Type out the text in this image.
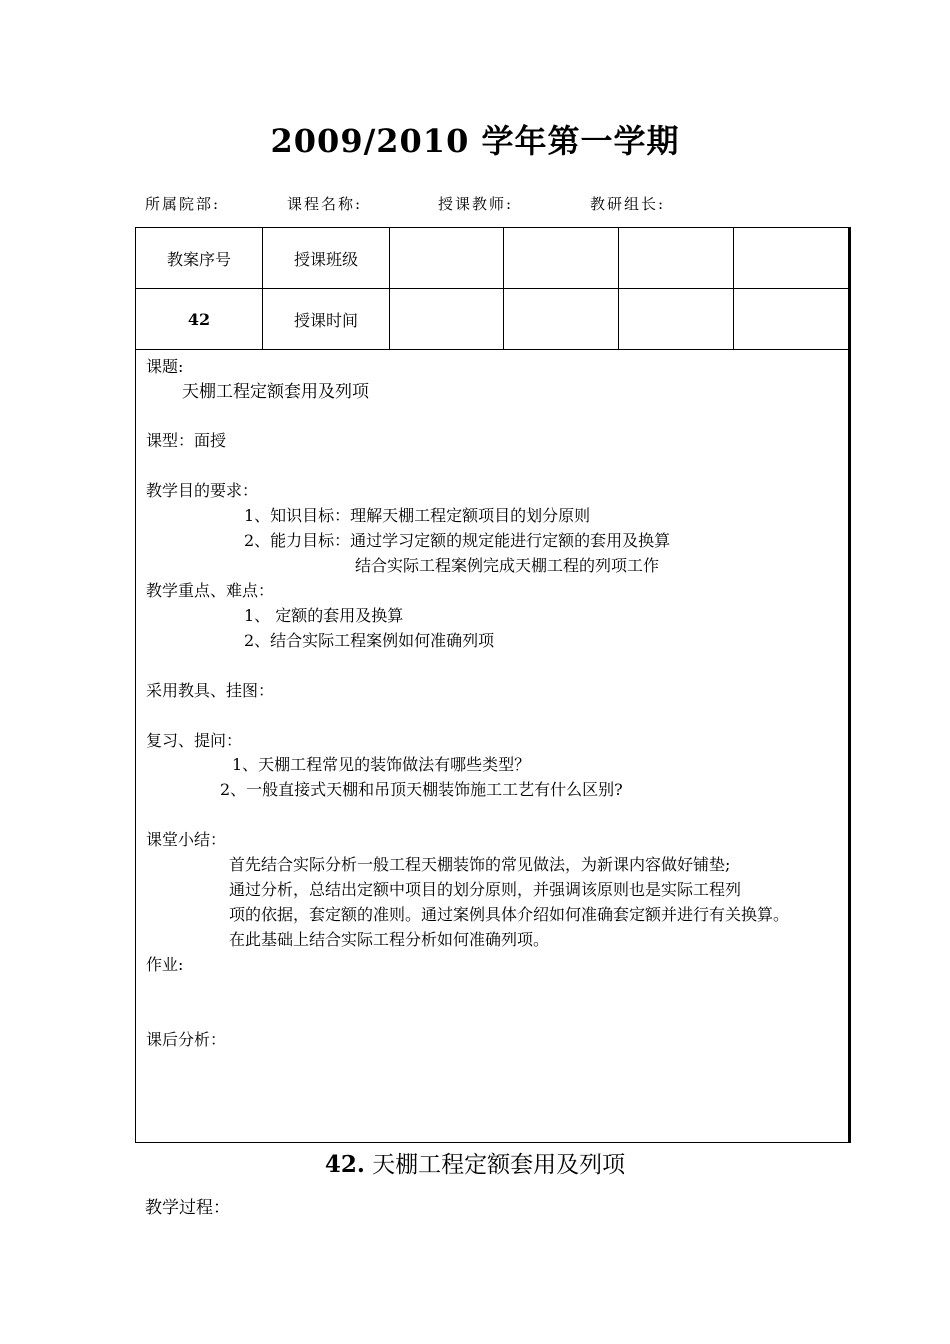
2009/2010 学年第一学期
所属院部:	课程名称:	授课教师:	教研组长:
教案序号	授课班级				
42	授课时间				
课题:
天棚工程定额套用及列项
课型：面授
教学目的要求：
1、知识目标：理解天棚工程定额项目的划分原则
2、能力目标：通过学习定额的规定能进行定额的套用及换算
结合实际工程案例完成天棚工程的列项工作
教学重点、难点：
1、 定额的套用及换算
2、结合实际工程案例如何准确列项
采用教具、挂图：
复习、提问：
1、天棚工程常见的装饰做法有哪些类型？
2、一般直接式天棚和吊顶天棚装饰施工工艺有什么区别?
课堂小结：
首先结合实际分析一般工程天棚装饰的常见做法，为新课内容做好铺垫;
通过分析，总结出定额中项目的划分原则，并强调该原则也是实际工程列
项的依据，套定额的准则。通过案例具体介绍如何准确套定额并进行有关换算。
在此基础上结合实际工程分析如何准确列项。
作业:
课后分析：
42. 天棚工程定额套用及列项
教学过程：
